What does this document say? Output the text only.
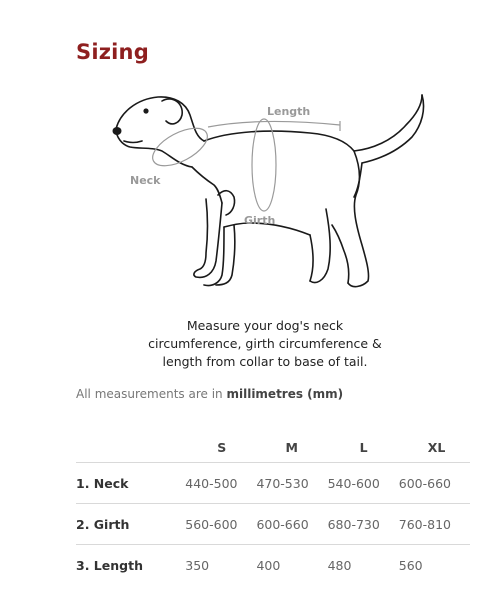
Sizing
Length
Neck
Girth
Measure your dog's neck
circumference, girth circumference &
length from collar to base of tail.
All measurements are in millimetres (mm)
	S	M	L	XL
1. Neck	440-500	470-530	540-600	600-660
2. Girth	560-600	600-660	680-730	760-810
3. Length	350	400	480	560
